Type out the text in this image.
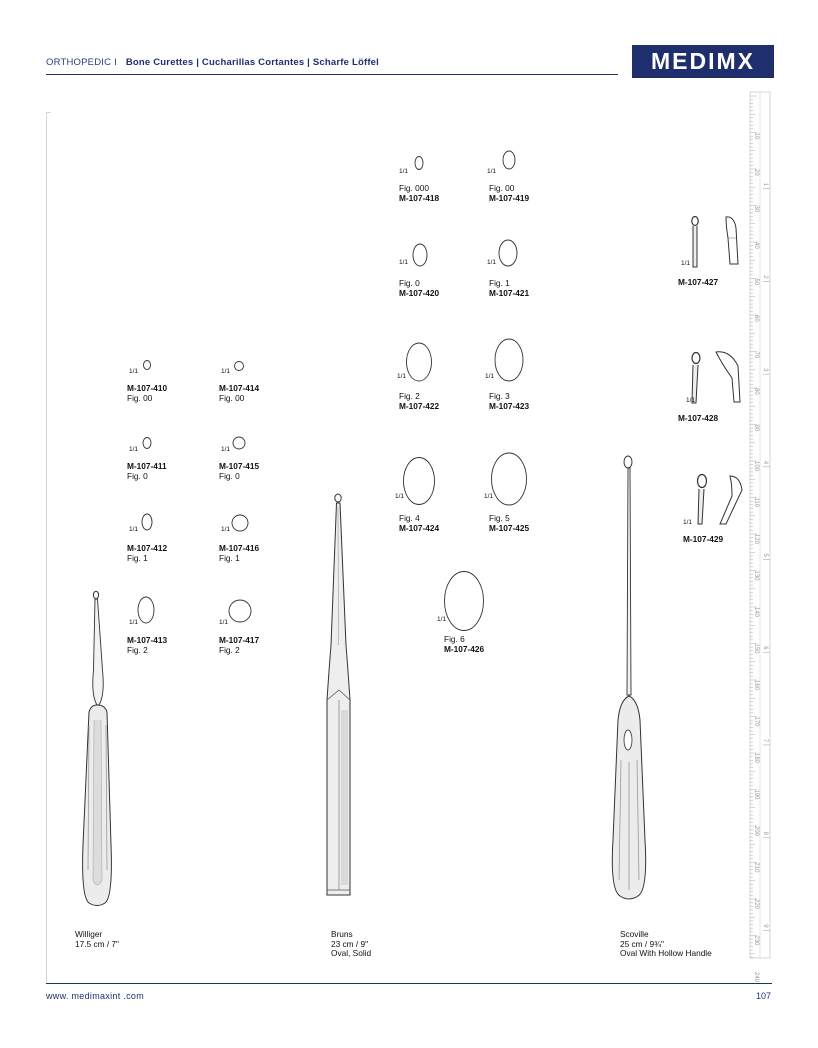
ORTHOPEDIC I Bone Curettes | Cucharillas Cortantes | Scharfe Löffel	MEDIMX
10
20
30
40
50
60
70
80
90
100
110
120
130
140
150
160
170
180
190
200
210
220
230
240
1
2
3
4
5
6
7
8
9
1/1	1/1
1/1	1/1
1/1	1/1
1/1	1/1
1/1	1/1
1/1	1/1
1/1	1/1
1/1	1/1
1/1
1/1
1/1
1/1
M-107-410
Fig. 00
M-107-414
Fig. 00
M-107-411
Fig. 0
M-107-415
Fig. 0
M-107-412
Fig. 1
M-107-416
Fig. 1
M-107-413
Fig. 2
M-107-417
Fig. 2
Fig. 000
M-107-418
Fig. 00
M-107-419
Fig. 0
M-107-420
Fig. 1
M-107-421
Fig. 2
M-107-422
Fig. 3
M-107-423
Fig. 4
M-107-424
Fig. 5
M-107-425
Fig. 6
M-107-426
M-107-427
M-107-428
M-107-429
Williger
17.5 cm / 7"
Bruns
23 cm / 9"
Oval, Solid
Scoville
25 cm / 9¾"
Oval With Hollow Handle
www. medimaxint .com	107
